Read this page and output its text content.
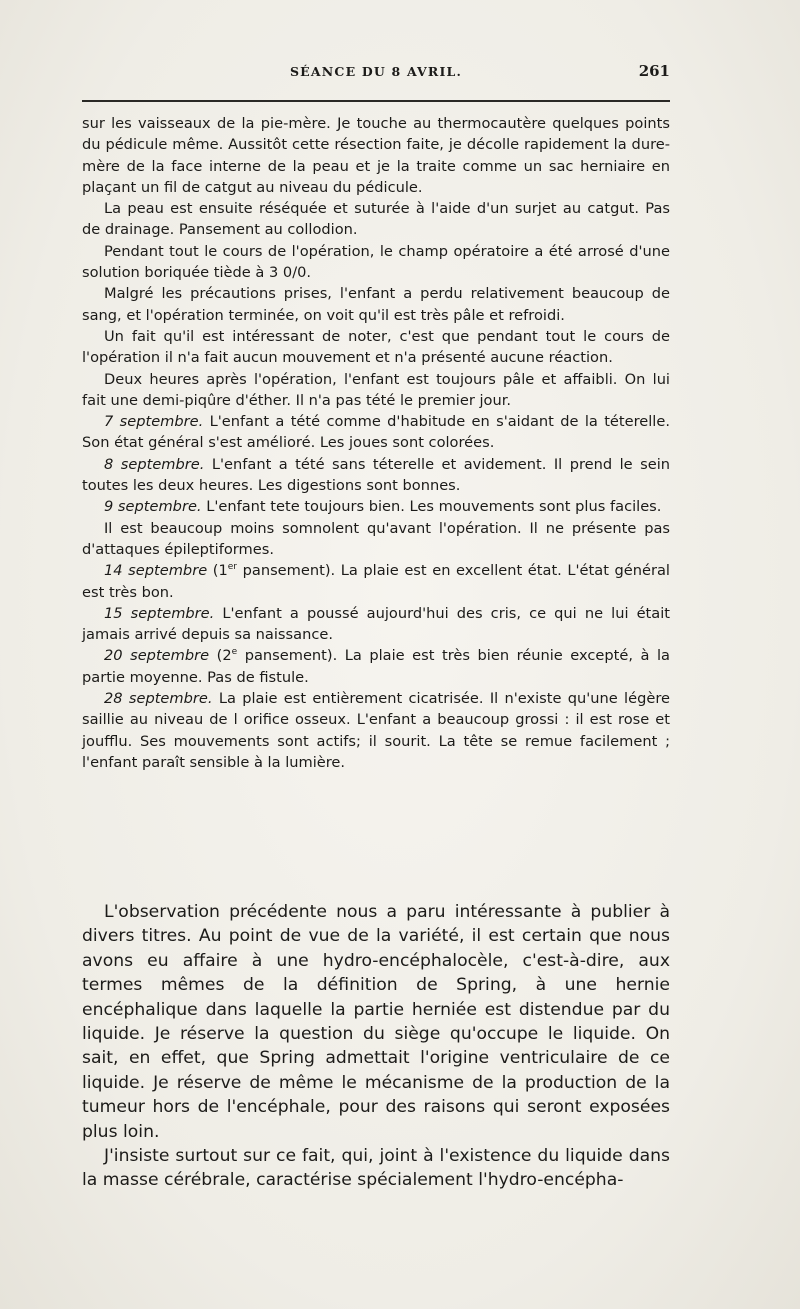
SÉANCE DU 8 AVRIL.	261

sur les vaisseaux de la pie-mère. Je touche au thermocautère quelques points du pédicule même. Aussitôt cette résection faite, je décolle rapidement la dure-mère de la face interne de la peau et je la traite comme un sac herniaire en plaçant un fil de catgut au niveau du pédicule.

La peau est ensuite réséquée et suturée à l'aide d'un surjet au catgut. Pas de drainage. Pansement au collodion.

Pendant tout le cours de l'opération, le champ opératoire a été arrosé d'une solution boriquée tiède à 3 0/0.

Malgré les précautions prises, l'enfant a perdu relativement beaucoup de sang, et l'opération terminée, on voit qu'il est très pâle et refroidi.

Un fait qu'il est intéressant de noter, c'est que pendant tout le cours de l'opération il n'a fait aucun mouvement et n'a présenté aucune réaction.

Deux heures après l'opération, l'enfant est toujours pâle et affaibli. On lui fait une demi-piqûre d'éther. Il n'a pas tété le premier jour.

7 septembre. L'enfant a tété comme d'habitude en s'aidant de la téterelle. Son état général s'est amélioré. Les joues sont colorées.

8 septembre. L'enfant a tété sans téterelle et avidement. Il prend le sein toutes les deux heures. Les digestions sont bonnes.

9 septembre. L'enfant tete toujours bien. Les mouvements sont plus faciles.

Il est beaucoup moins somnolent qu'avant l'opération. Il ne présente pas d'attaques épileptiformes.

14 septembre (1er pansement). La plaie est en excellent état. L'état général est très bon.

15 septembre. L'enfant a poussé aujourd'hui des cris, ce qui ne lui était jamais arrivé depuis sa naissance.

20 septembre (2e pansement). La plaie est très bien réunie excepté, à la partie moyenne. Pas de fistule.

28 septembre. La plaie est entièrement cicatrisée. Il n'existe qu'une légère saillie au niveau de l orifice osseux. L'enfant a beaucoup grossi : il est rose et joufflu. Ses mouvements sont actifs; il sourit. La tête se remue facilement ; l'enfant paraît sensible à la lumière.

L'observation précédente nous a paru intéressante à publier à divers titres. Au point de vue de la variété, il est certain que nous avons eu affaire à une hydro-encéphalocèle, c'est-à-dire, aux termes mêmes de la définition de Spring, à une hernie encéphalique dans laquelle la partie herniée est distendue par du liquide. Je réserve la question du siège qu'occupe le liquide. On sait, en effet, que Spring admettait l'origine ventriculaire de ce liquide. Je réserve de même le mécanisme de la production de la tumeur hors de l'encéphale, pour des raisons qui seront exposées plus loin.

J'insiste surtout sur ce fait, qui, joint à l'existence du liquide dans la masse cérébrale, caractérise spécialement l'hydro-encépha-
